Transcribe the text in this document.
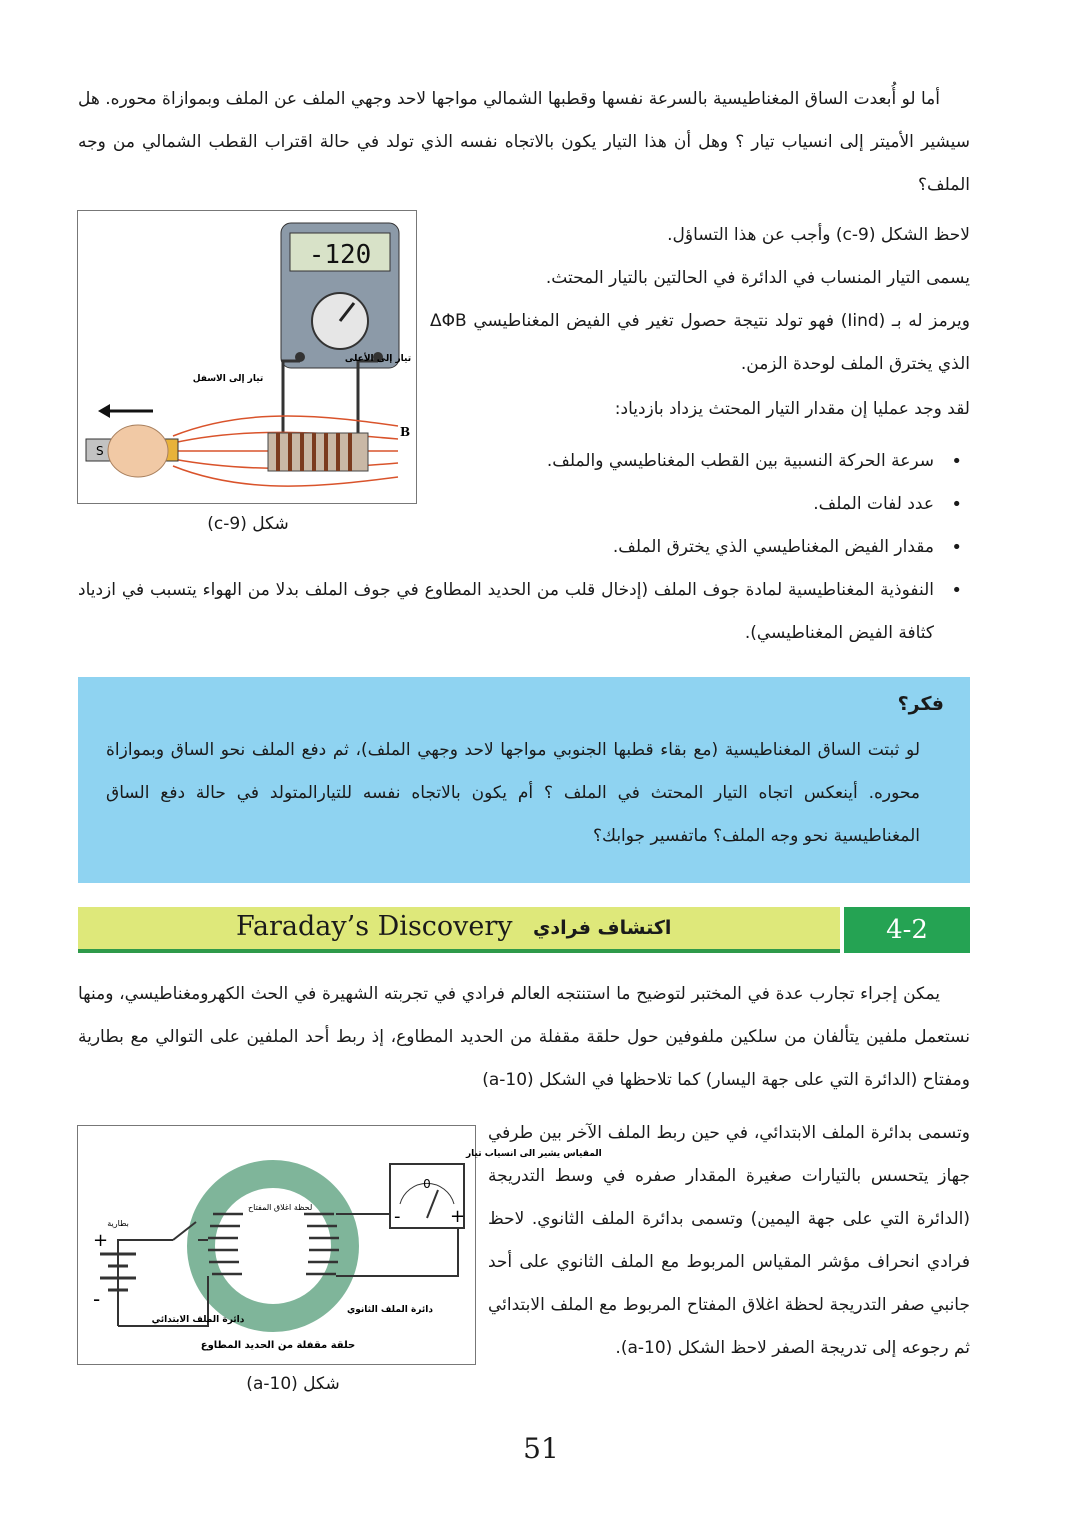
أما لو أُبعدت الساق المغناطيسية بالسرعة نفسها وقطبها الشمالي مواجها لاحد وجهي الملف عن الملف وبموازاة محوره. هل سيشير الأميتر إلى انسياب تيار ؟ وهل أن هذا التيار يكون بالاتجاه نفسه الذي تولد في حالة اقتراب القطب الشمالي من وجه الملف؟
-120
S
تيار إلى الاسفل
تيار إلى الأعلى
B
شكل (9-c)
لاحظ الشكل (9-c) وأجب عن هذا التساؤل.
يسمى التيار المنساب في الدائرة في الحالتين بالتيار المحتث.
ويرمز له بـ (Iind) فهو تولد نتيجة حصول تغير في الفيض المغناطيسي ΔΦB الذي يخترق الملف لوحدة الزمن.
لقد وجد عمليا إن مقدار التيار المحتث يزداد بازدياد:
• سرعة الحركة النسبية بين القطب المغناطيسي والملف.
• عدد لفات الملف.
• مقدار الفيض المغناطيسي الذي يخترق الملف.
• النفوذية المغناطيسية لمادة جوف الملف (إدخال قلب من الحديد المطاوع في جوف الملف بدلا من الهواء يتسبب في ازدياد كثافة الفيض المغناطيسي).
فكر؟
لو ثبتت الساق المغناطيسية (مع بقاء قطبها الجنوبي مواجها لاحد وجهي الملف)، ثم دفع الملف نحو الساق وبموازاة محوره. أينعكس اتجاه التيار المحتث في الملف ؟ أم يكون بالاتجاه نفسه للتيارالمتولد في حالة دفع الساق المغناطيسية نحو وجه الملف؟ ماتفسير جوابك؟
Faraday’s Discovery اكتشاف فرادي	4-2
يمكن إجراء تجارب عدة في المختبر لتوضيح ما استنتجه العالم فرادي في تجربته الشهيرة في الحث الكهرومغناطيسي، ومنها نستعمل ملفين يتألفان من سلكين ملفوفين حول حلقة مقفلة من الحديد المطاوع، إذ ربط أحد الملفين على التوالي مع بطارية ومفتاح (الدائرة التي على جهة اليسار) كما تلاحظها في الشكل (10-a)
+
-
0
-	+
المقياس يشير الى انسياب تيار
لحظة اغلاق المفتاح
بطارية
دائرة الملف الابتدائي
دائرة الملف الثانوي
حلقة مقفلة من الحديد المطاوع
شكل (10-a)
وتسمى بدائرة الملف الابتدائي، في حين ربط الملف الآخر بين طرفي جهاز يتحسس بالتيارات صغيرة المقدار صفره في وسط التدريجة (الدائرة التي على جهة اليمين) وتسمى بدائرة الملف الثانوي. لاحظ فرادي انحراف مؤشر المقياس المربوط مع الملف الثانوي على أحد جانبي صفر التدريجة لحظة اغلاق المفتاح المربوط مع الملف الابتدائي ثم رجوعه إلى تدريجة الصفر لاحظ الشكل (10-a).
51
